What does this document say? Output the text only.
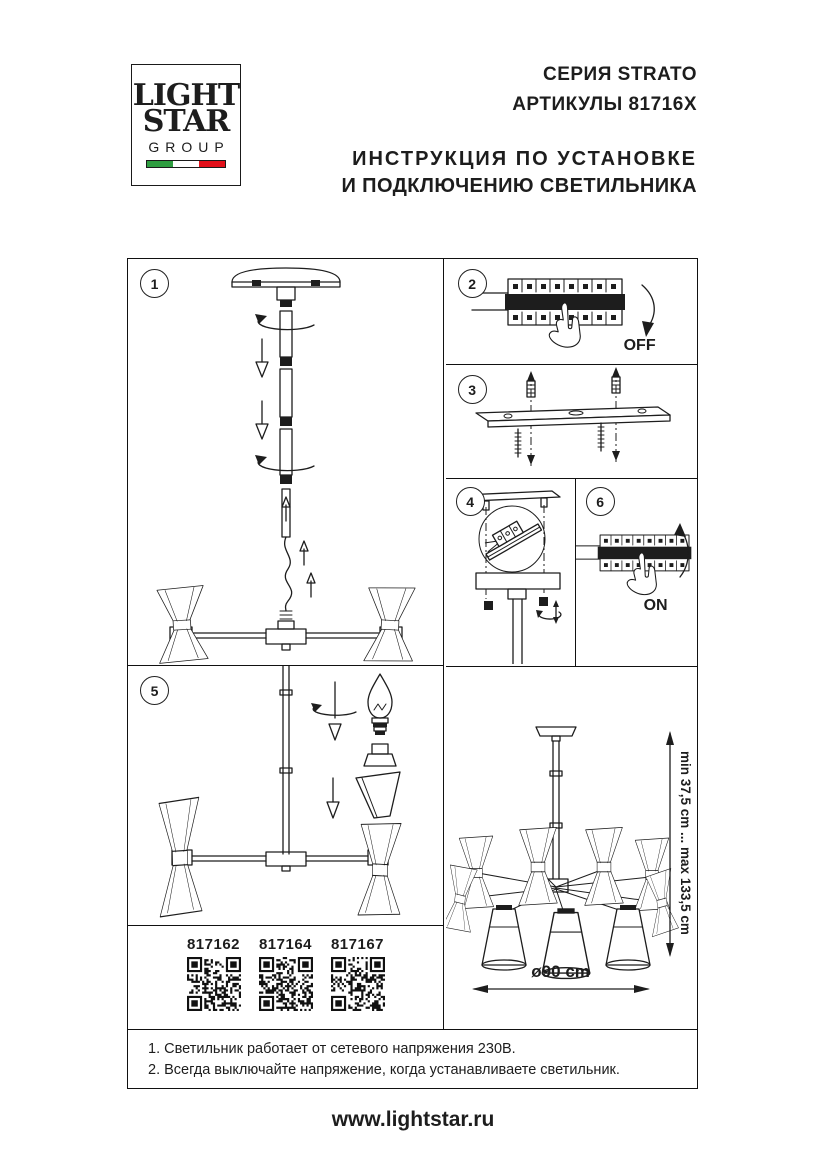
LIGHT
STAR
GROUP
СЕРИЯ STRATO
АРТИКУЛЫ 81716X
ИНСТРУКЦИЯ ПО УСТАНОВКЕ
И ПОДКЛЮЧЕНИЮ СВЕТИЛЬНИКА
1
5
817162 817164 817167
2
OFF
3
4	6
ON
min 37,5 cm ... max 133,5 cm
ø90 cm
1. Светильник работает от сетевого напряжения 230В.
2. Всегда выключайте напряжение, когда устанавливаете светильник.
www.lightstar.ru
